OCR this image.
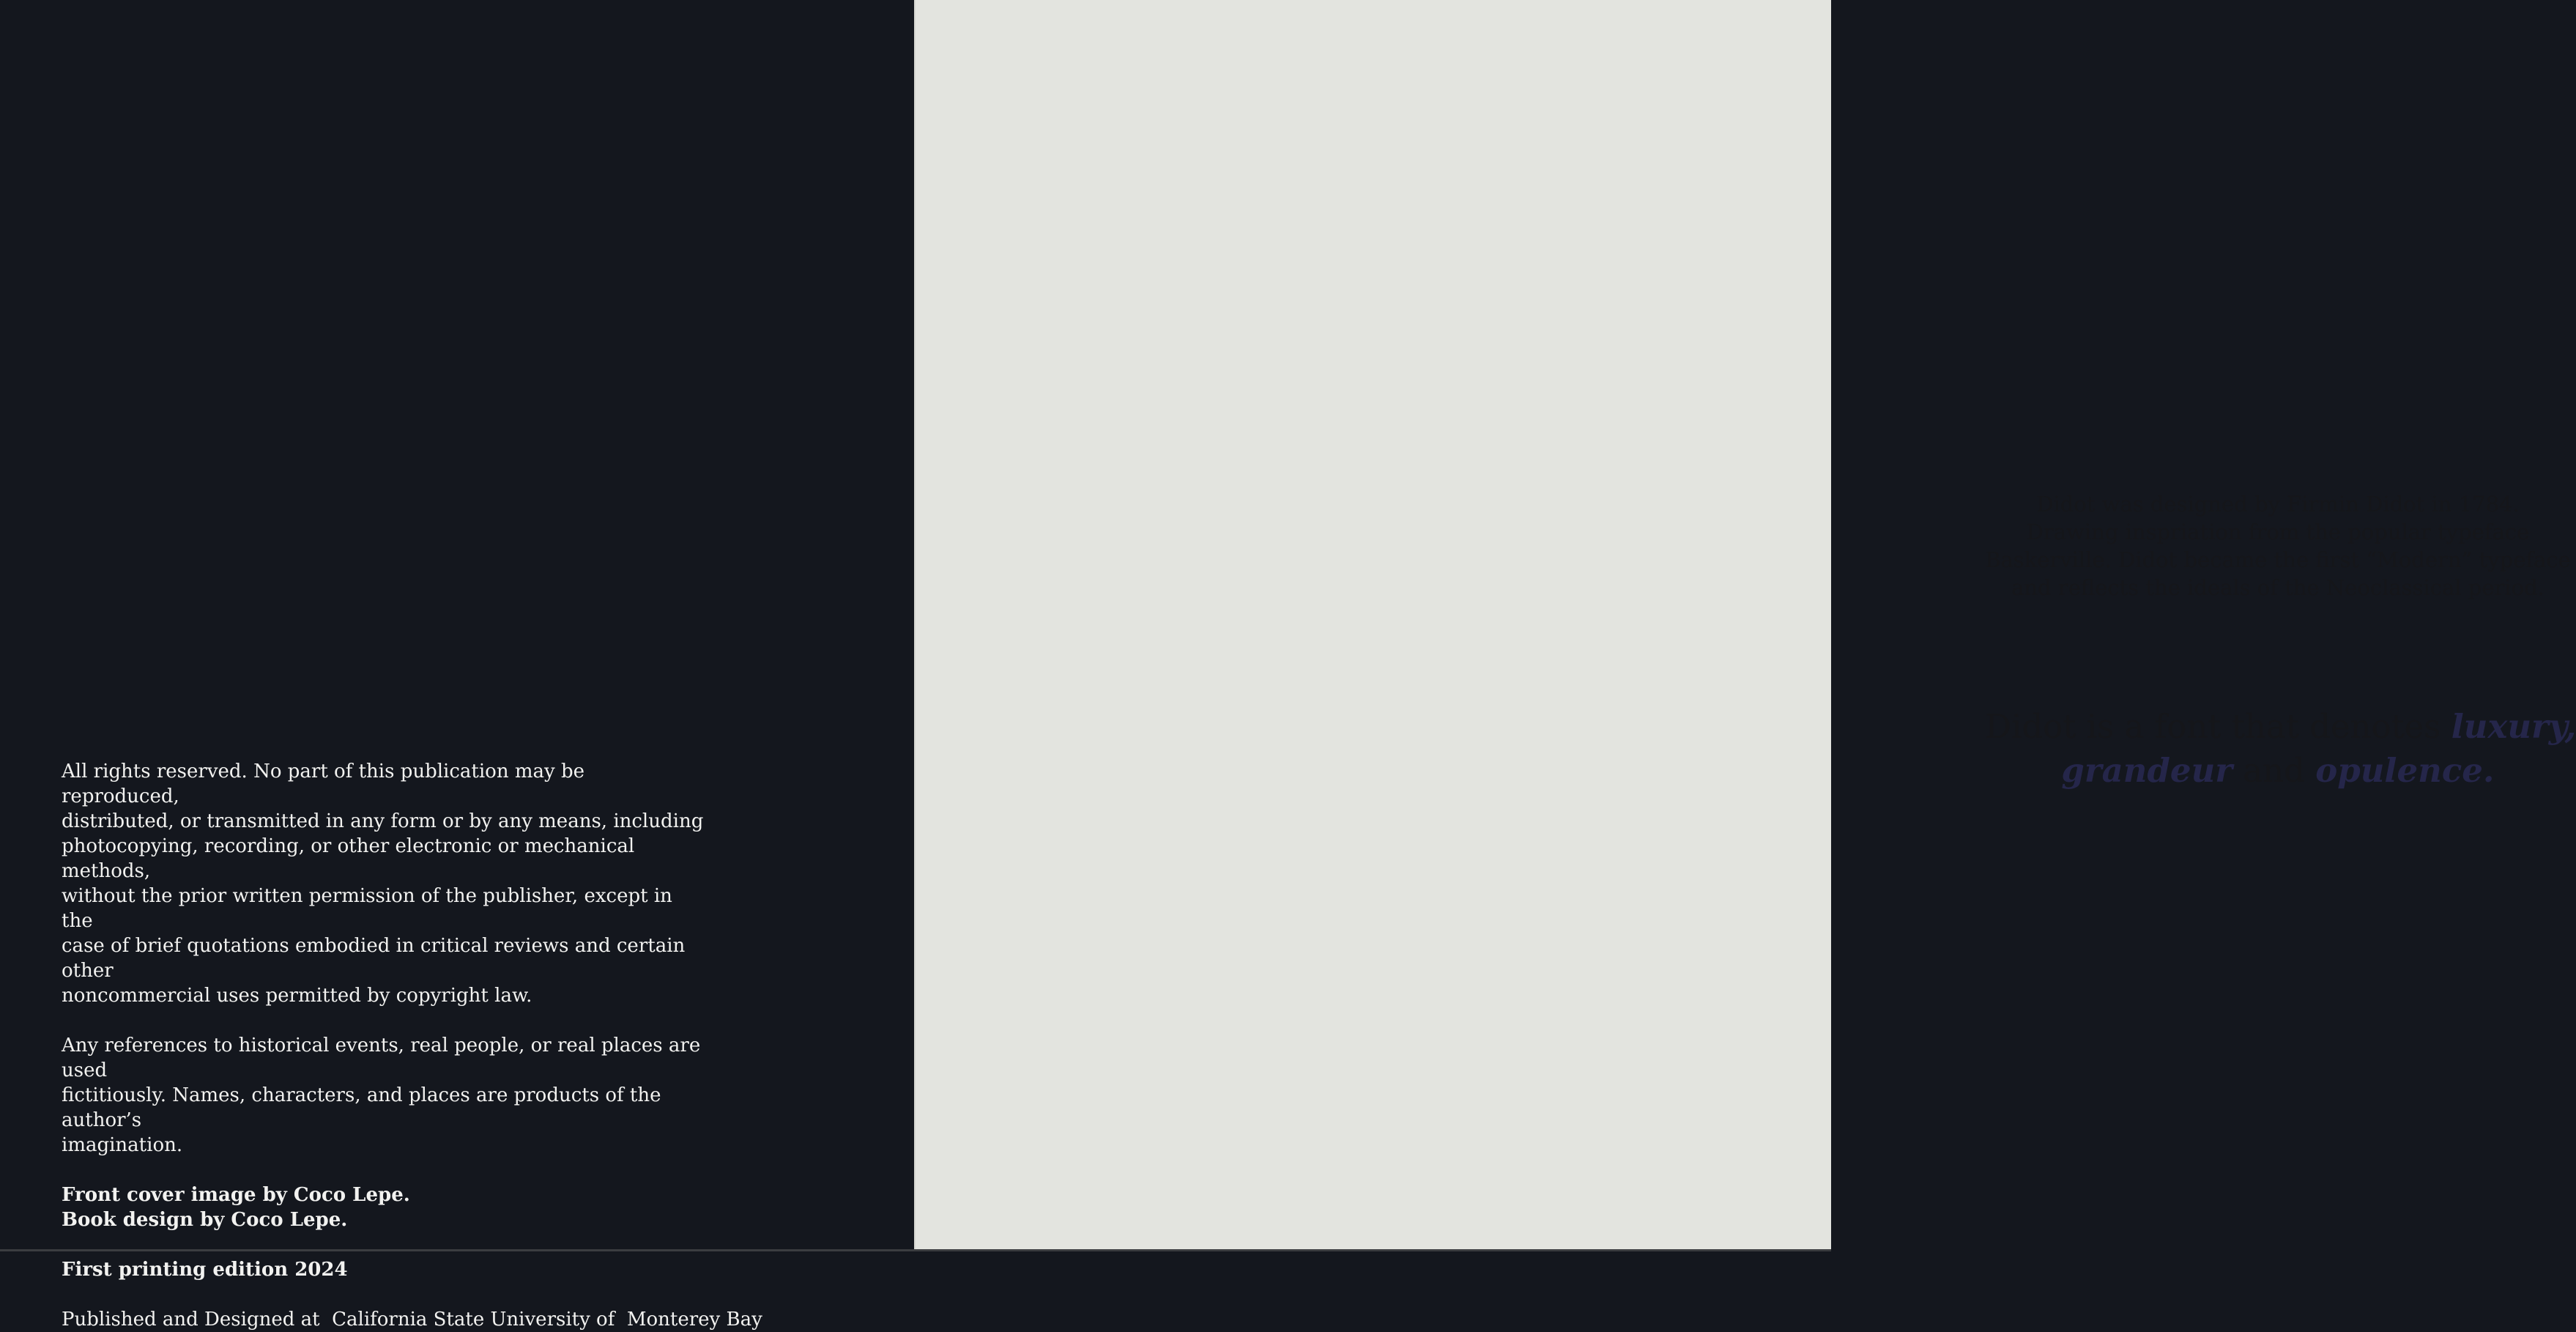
All rights reserved. No part of this publication may be reproduced,
distributed, or transmitted in any form or by any means, including
photocopying, recording, or other electronic or mechanical methods,
without the prior written permission of the publisher, except in the
case of brief quotations embodied in critical reviews and certain other
noncommercial uses permitted by copyright law.

Any references to historical events, real people, or real places are used
fictitiously. Names, characters, and places are products of the author’s
imagination.

Front cover image by Coco Lepe.
Book design by Coco Lepe.

First printing edition 2024

Published and Designed at  California State University of  Monterey Bay

Didot was designed by Firmin Didot in 1784.
Drawing inspriation from the popular typeface
Baskerville. Didot became the first “Modern” typeface
and reflects the ideals of the Neoclassical period.
Didot is a font that denotes luxury,
grandeur and opulence.
